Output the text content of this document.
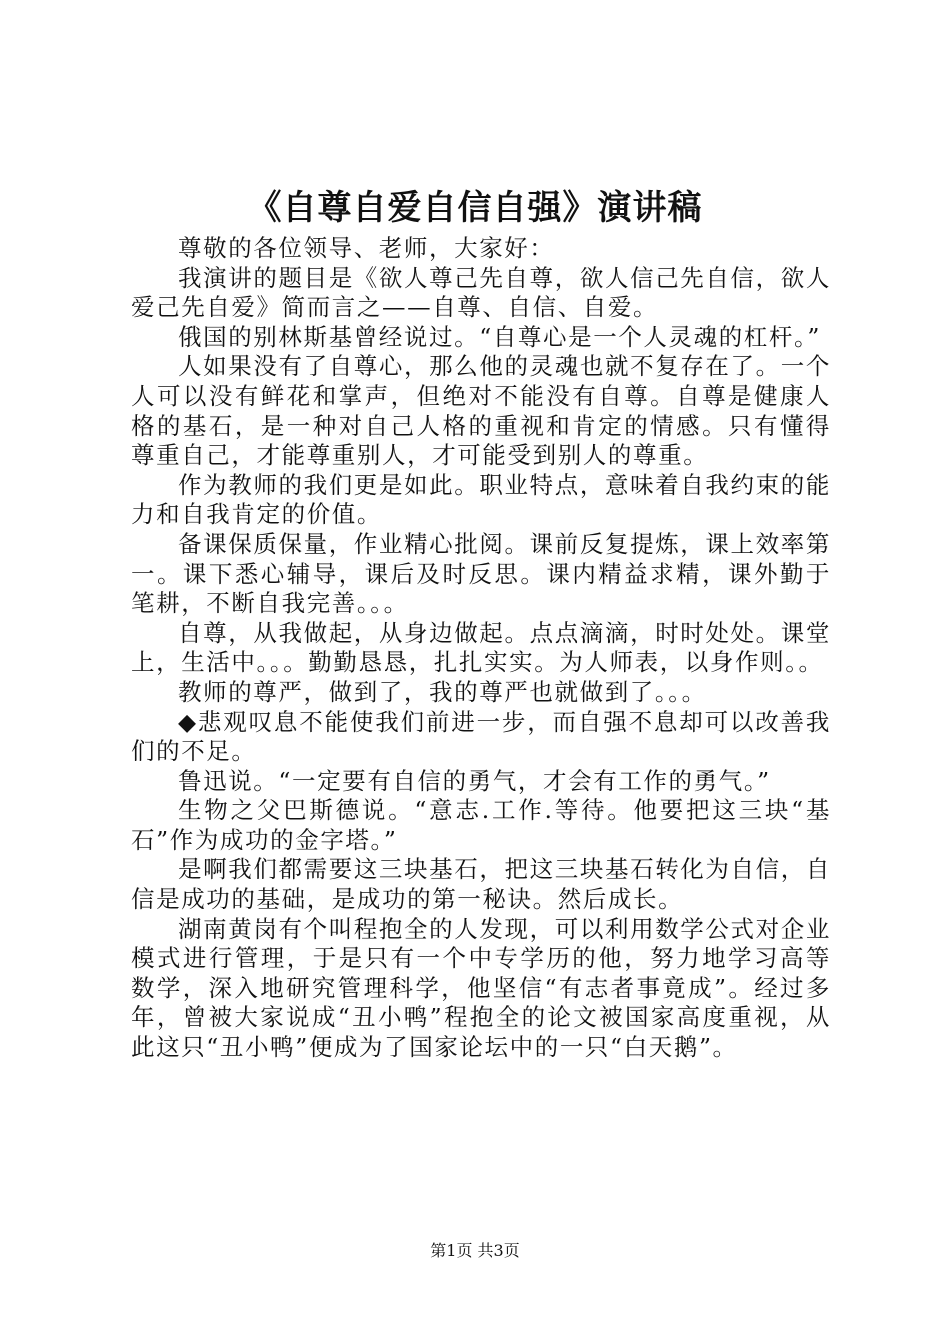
《自尊自爱自信自强》演讲稿

尊敬的各位领导、老师，大家好：

我演讲的题目是《欲人尊己先自尊，欲人信己先自信，欲人爱己先自爱》简而言之——自尊、自信、自爱。

俄国的别林斯基曾经说过。“自尊心是一个人灵魂的杠杆。”

人如果没有了自尊心，那么他的灵魂也就不复存在了。一个人可以没有鲜花和掌声，但绝对不能没有自尊。自尊是健康人格的基石，是一种对自己人格的重视和肯定的情感。只有懂得尊重自己，才能尊重别人，才可能受到别人的尊重。

作为教师的我们更是如此。职业特点，意味着自我约束的能力和自我肯定的价值。

备课保质保量，作业精心批阅。课前反复提炼，课上效率第一。课下悉心辅导，课后及时反思。课内精益求精，课外勤于笔耕，不断自我完善。。。

自尊，从我做起，从身边做起。点点滴滴，时时处处。课堂上，生活中。。。勤勤恳恳，扎扎实实。为人师表，以身作则。。

教师的尊严，做到了，我的尊严也就做到了。。。

◆悲观叹息不能使我们前进一步，而自强不息却可以改善我们的不足。

鲁迅说。“一定要有自信的勇气，才会有工作的勇气。”

生物之父巴斯德说。“意志.工作.等待。他要把这三块“基石”作为成功的金字塔。”

是啊我们都需要这三块基石，把这三块基石转化为自信，自信是成功的基础，是成功的第一秘诀。然后成长。

湖南黄岗有个叫程抱全的人发现，可以利用数学公式对企业模式进行管理，于是只有一个中专学历的他，努力地学习高等数学，深入地研究管理科学，他坚信“有志者事竟成”。经过多年，曾被大家说成“丑小鸭”程抱全的论文被国家高度重视，从此这只“丑小鸭”便成为了国家论坛中的一只“白天鹅”。

第1页 共3页
